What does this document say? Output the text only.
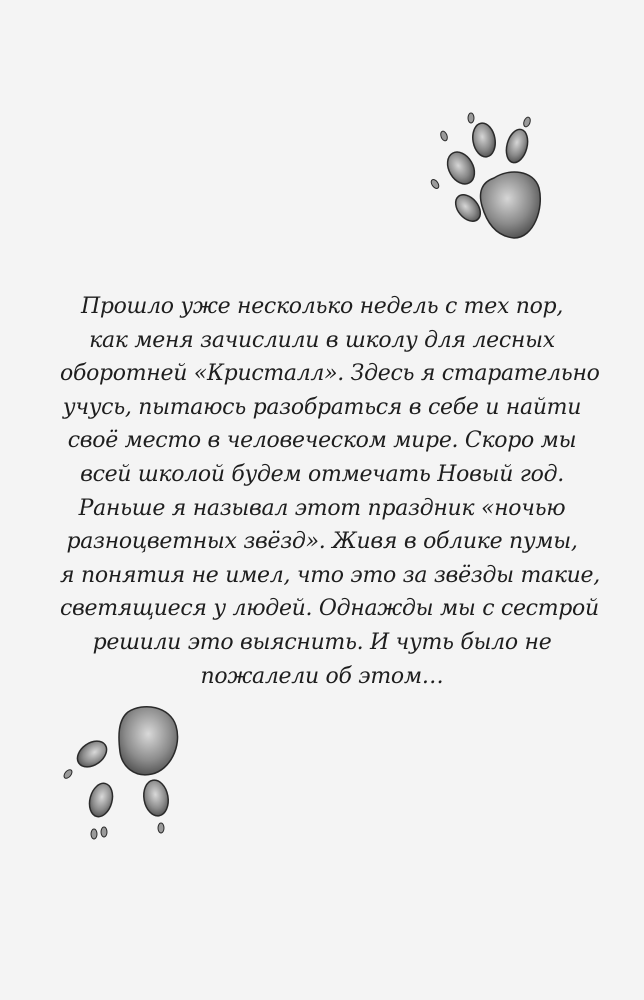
Прошло уже несколько недель с тех пор,
как меня зачислили в школу для лесных
оборотней «Кристалл». Здесь я старательно
учусь, пытаюсь разобраться в себе и найти
своё место в человеческом мире. Скоро мы
всей школой будем отмечать Новый год.
Раньше я называл этот праздник «ночью
разноцветных звёзд». Живя в облике пумы,
я понятия не имел, что это за звёзды такие,
светящиеся у людей. Однажды мы с сестрой
решили это выяснить. И чуть было не
пожалели об этом…
